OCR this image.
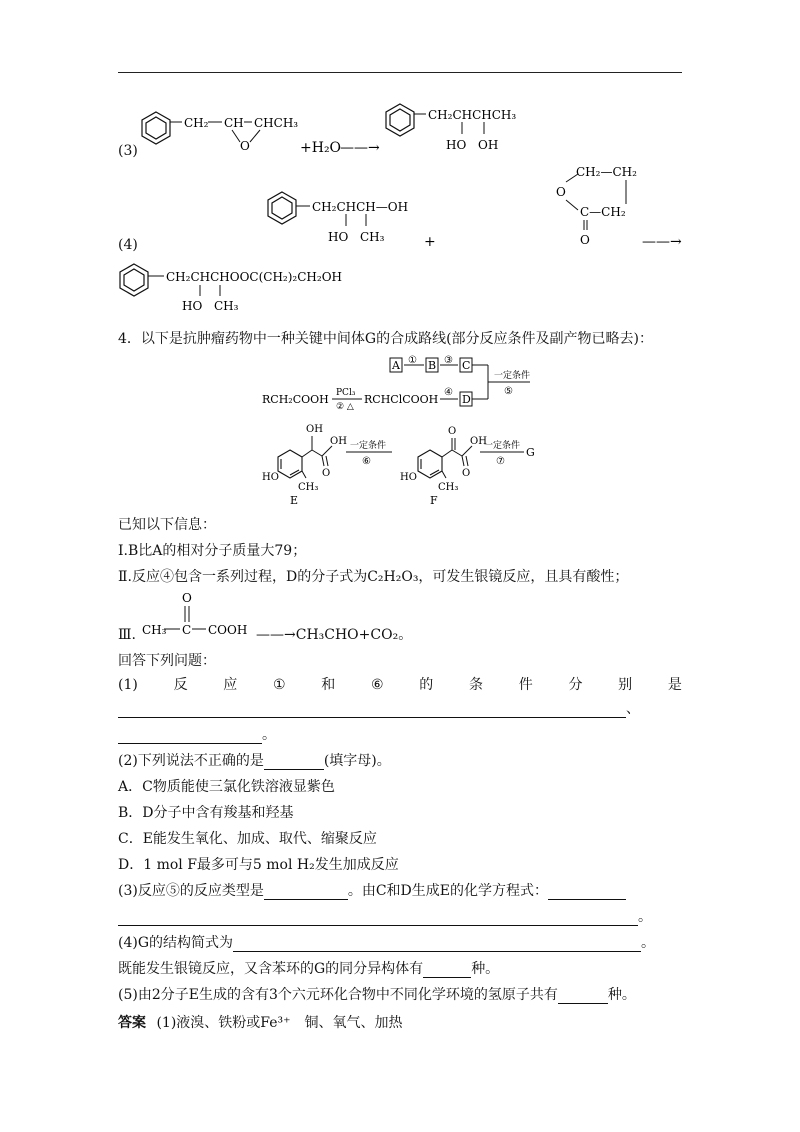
(3)
CH₂ CH CHCH₃
O	+H₂O
——→
CH₂CHCHCH₃
HO OH
(4)
CH₂CHCH—OH
HO CH₃	+
CH₂—CH₂
O
C—CH₂
O	——→
CH₂CHCHOOC(CH₂)₂CH₂OH
HO CH₃
4．以下是抗肿瘤药物中一种关键中间体G的合成路线(部分反应条件及副产物已略去)：
A ① B ③ C
RCH₂COOH PCl₃
② △
RCHClCOOH
④
D
一定条件
⑤
OH
OH
O
HO
CH₃
E
一定条件
⑥
O
OH
O
HO
CH₃
F
一定条件
⑦
G
已知以下信息：
Ⅰ.B比A的相对分子质量大79；
Ⅱ.反应④包含一系列过程，D的分子式为C₂H₂O₃，可发生银镜反应，且具有酸性；
Ⅲ. CH₃ C COOH
O
——→CH₃CHO+CO₂。
回答下列问题：
(1)	反	应	①	和	⑥	的	条	件	分	别	是
、
。
(2)下列说法不正确的是	(填字母)。
A．C物质能使三氯化铁溶液显紫色
B．D分子中含有羧基和羟基
C．E能发生氧化、加成、取代、缩聚反应
D．1 mol F最多可与5 mol H₂发生加成反应
(3)反应⑤的反应类型是	。由C和D生成E的化学方程式：
。
(4)G的结构简式为	。
既能发生银镜反应，又含苯环的G的同分异构体有	种。
(5)由2分子E生成的含有3个六元环化合物中不同化学环境的氢原子共有	种。
答案 (1)液溴、铁粉或Fe³⁺　铜、氧气、加热
